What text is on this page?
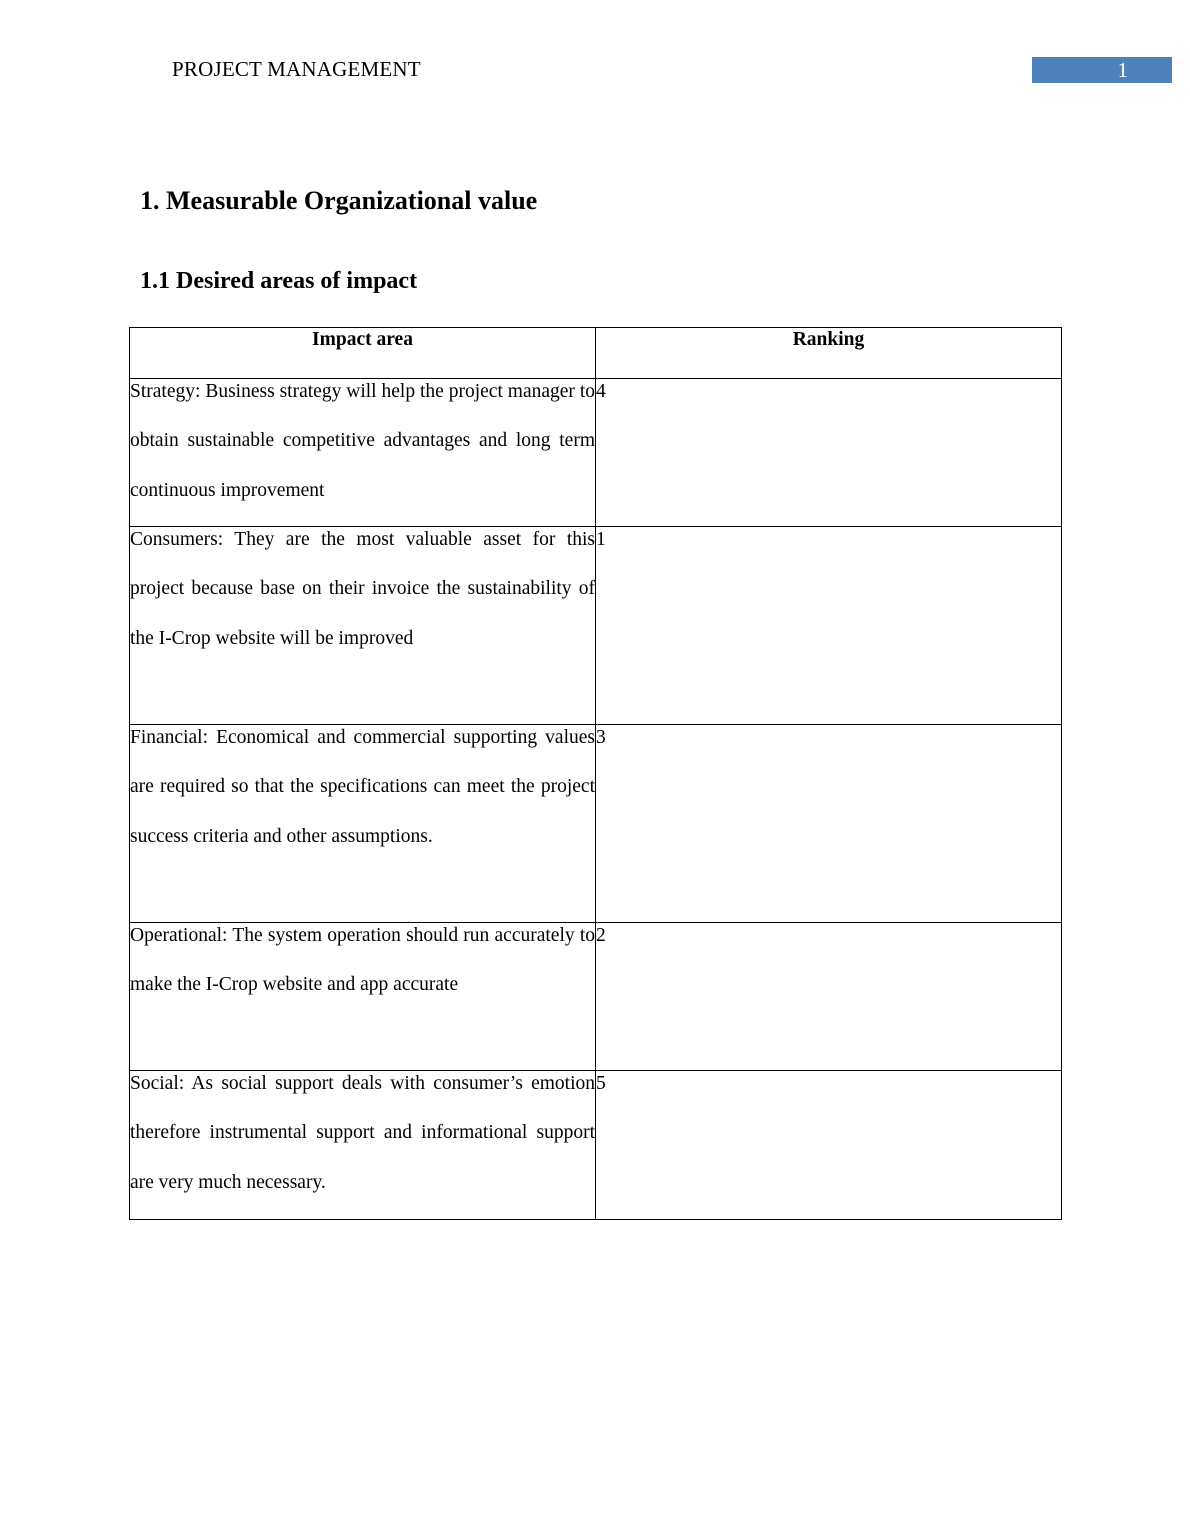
PROJECT MANAGEMENT	1
1. Measurable Organizational value
1.1 Desired areas of impact
Impact area	Ranking

Strategy: Business strategy will help the project manager to obtain sustainable competitive advantages and long term continuous improvement	4

Consumers: They are the most valuable asset for this project because base on their invoice the sustainability of the I-Crop website will be improved	1

Financial: Economical and commercial supporting values are required so that the specifications can meet the project success criteria and other assumptions.	3

Operational: The system operation should run accurately to make the I-Crop website and app accurate	2

Social: As social support deals with consumer’s emotion therefore instrumental support and informational support are very much necessary.	5
